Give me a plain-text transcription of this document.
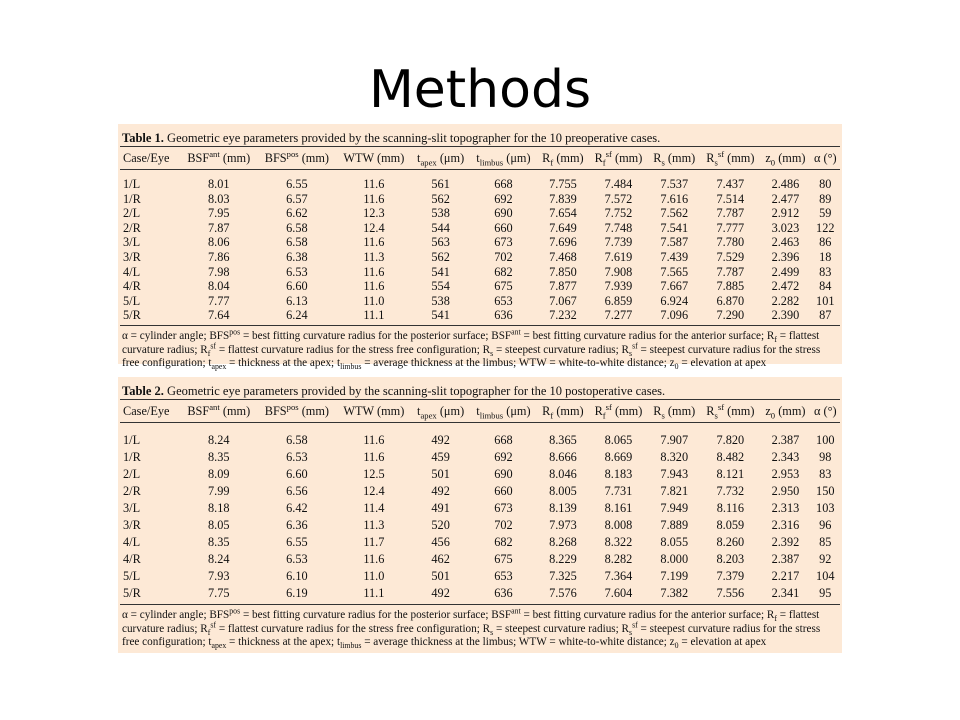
Methods
Table 1. Geometric eye parameters provided by the scanning-slit topographer for the 10 preoperative cases.
Case/Eye	$BSF^{ant}$ (mm)	$BFS^{pos}$ (mm)	WTW (mm)	$t_{apex}$ (μm)	$t_{limbus}$ (μm)	$R_f$ (mm)	$R_f^{sf}$ (mm)	$R_s$ (mm)	$R_s^{sf}$ (mm)	$z_0$ (mm)	α (°)
1/L	8.01	6.55	11.6	561	668	7.755	7.484	7.537	7.437	2.486	80
1/R	8.03	6.57	11.6	562	692	7.839	7.572	7.616	7.514	2.477	89
2/L	7.95	6.62	12.3	538	690	7.654	7.752	7.562	7.787	2.912	59
2/R	7.87	6.58	12.4	544	660	7.649	7.748	7.541	7.777	3.023	122
3/L	8.06	6.58	11.6	563	673	7.696	7.739	7.587	7.780	2.463	86
3/R	7.86	6.38	11.3	562	702	7.468	7.619	7.439	7.529	2.396	18
4/L	7.98	6.53	11.6	541	682	7.850	7.908	7.565	7.787	2.499	83
4/R	8.04	6.60	11.6	554	675	7.877	7.939	7.667	7.885	2.472	84
5/L	7.77	6.13	11.0	538	653	7.067	6.859	6.924	6.870	2.282	101
5/R	7.64	6.24	11.1	541	636	7.232	7.277	7.096	7.290	2.390	87
α = cylinder angle; $BFS^{pos}$ = best fitting curvature radius for the posterior surface; $BSF^{ant}$ = best fitting curvature radius for the anterior surface; $R_f$ = flattest curvature radius; $R_f^{sf}$ = flattest curvature radius for the stress free configuration; $R_s$ = steepest curvature radius; $R_s^{sf}$ = steepest curvature radius for the stress free configuration; $t_{apex}$ = thickness at the apex; $t_{limbus}$ = average thickness at the limbus; WTW = white-to-white distance; $z_0$ = elevation at apex
Table 2. Geometric eye parameters provided by the scanning-slit topographer for the 10 postoperative cases.
Case/Eye	$BSF^{ant}$ (mm)	$BFS^{pos}$ (mm)	WTW (mm)	$t_{apex}$ (μm)	$t_{limbus}$ (μm)	$R_f$ (mm)	$R_f^{sf}$ (mm)	$R_s$ (mm)	$R_s^{sf}$ (mm)	$z_0$ (mm)	α (°)
1/L	8.24	6.58	11.6	492	668	8.365	8.065	7.907	7.820	2.387	100
1/R	8.35	6.53	11.6	459	692	8.666	8.669	8.320	8.482	2.343	98
2/L	8.09	6.60	12.5	501	690	8.046	8.183	7.943	8.121	2.953	83
2/R	7.99	6.56	12.4	492	660	8.005	7.731	7.821	7.732	2.950	150
3/L	8.18	6.42	11.4	491	673	8.139	8.161	7.949	8.116	2.313	103
3/R	8.05	6.36	11.3	520	702	7.973	8.008	7.889	8.059	2.316	96
4/L	8.35	6.55	11.7	456	682	8.268	8.322	8.055	8.260	2.392	85
4/R	8.24	6.53	11.6	462	675	8.229	8.282	8.000	8.203	2.387	92
5/L	7.93	6.10	11.0	501	653	7.325	7.364	7.199	7.379	2.217	104
5/R	7.75	6.19	11.1	492	636	7.576	7.604	7.382	7.556	2.341	95
α = cylinder angle; $BFS^{pos}$ = best fitting curvature radius for the posterior surface; $BSF^{ant}$ = best fitting curvature radius for the anterior surface; $R_f$ = flattest curvature radius; $R_f^{sf}$ = flattest curvature radius for the stress free configuration; $R_s$ = steepest curvature radius; $R_s^{sf}$ = steepest curvature radius for the stress free configuration; $t_{apex}$ = thickness at the apex; $t_{limbus}$ = average thickness at the limbus; WTW = white-to-white distance; $z_0$ = elevation at apex
